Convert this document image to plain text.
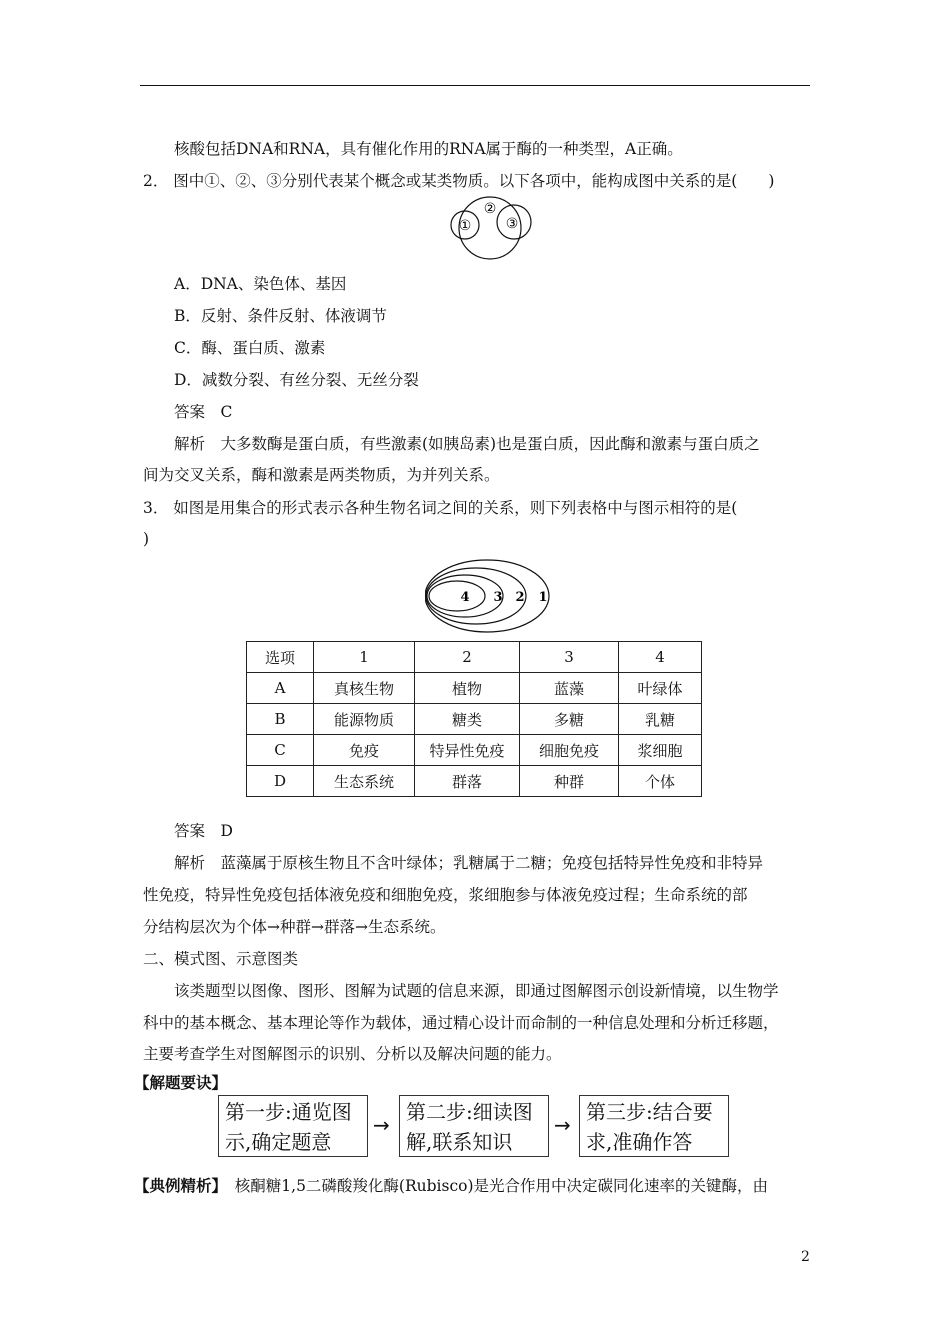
核酸包括DNA和RNA，具有催化作用的RNA属于酶的一种类型，A正确。
2． 图中①、②、③分别代表某个概念或某类物质。以下各项中，能构成图中关系的是(　　)
①
②
③
A．DNA、染色体、基因
B．反射、条件反射、体液调节
C．酶、蛋白质、激素
D．减数分裂、有丝分裂、无丝分裂
答案　C
解析　大多数酶是蛋白质，有些激素(如胰岛素)也是蛋白质，因此酶和激素与蛋白质之
间为交叉关系，酶和激素是两类物质，为并列关系。
3． 如图是用集合的形式表示各种生物名词之间的关系，则下列表格中与图示相符的是(
)
4 3 2 1
选项	1	2	3	4
A	真核生物	植物	蓝藻	叶绿体
B	能源物质	糖类	多糖	乳糖
C	免疫	特异性免疫	细胞免疫	浆细胞
D	生态系统	群落	种群	个体
答案　D
解析　蓝藻属于原核生物且不含叶绿体；乳糖属于二糖；免疫包括特异性免疫和非特异
性免疫，特异性免疫包括体液免疫和细胞免疫，浆细胞参与体液免疫过程；生命系统的部
分结构层次为个体→种群→群落→生态系统。
二、模式图、示意图类
该类题型以图像、图形、图解为试题的信息来源，即通过图解图示创设新情境，以生物学
科中的基本概念、基本理论等作为载体，通过精心设计而命制的一种信息处理和分析迁移题，
主要考查学生对图解图示的识别、分析以及解决问题的能力。
【解题要诀】
第一步:通览图
示,确定题意
→
第二步:细读图
解,联系知识
→
第三步:结合要
求,准确作答
【典例精析】　 核酮糖1,5二磷酸羧化酶(Rubisco)是光合作用中决定碳同化速率的关键酶，由
2
